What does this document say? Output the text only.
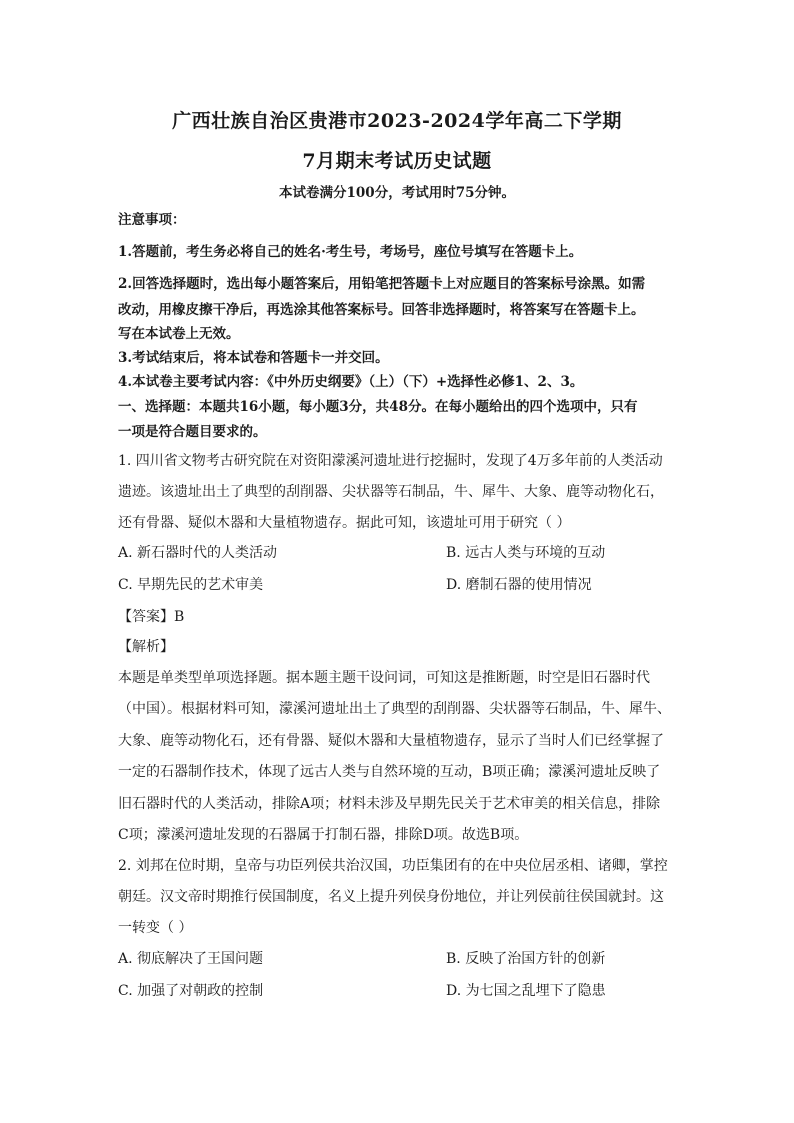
广西壮族自治区贵港市2023-2024学年高二下学期
7月期末考试历史试题
本试卷满分100分，考试用时75分钟。
注意事项：
1.答题前，考生务必将自己的姓名·考生号，考场号，座位号填写在答题卡上。
2.回答选择题时，选出每小题答案后，用铅笔把答题卡上对应题目的答案标号涂黑。如需
改动，用橡皮擦干净后，再选涂其他答案标号。回答非选择题时，将答案写在答题卡上。
写在本试卷上无效。
3.考试结束后，将本试卷和答题卡一并交回。
4.本试卷主要考试内容：《中外历史纲要》（上）（下）+选择性必修1、2、3。
一、选择题：本题共16小题，每小题3分，共48分。在每小题给出的四个选项中，只有
一项是符合题目要求的。
1. 四川省文物考古研究院在对资阳濛溪河遗址进行挖掘时，发现了4万多年前的人类活动
遗迹。该遗址出土了典型的刮削器、尖状器等石制品，牛、犀牛、大象、鹿等动物化石，
还有骨器、疑似木器和大量植物遗存。据此可知，该遗址可用于研究（ ）
A. 新石器时代的人类活动	B. 远古人类与环境的互动
C. 早期先民的艺术审美	D. 磨制石器的使用情况
【答案】B
【解析】
本题是单类型单项选择题。据本题主题干设问词，可知这是推断题，时空是旧石器时代
（中国）。根据材料可知，濛溪河遗址出土了典型的刮削器、尖状器等石制品，牛、犀牛、
大象、鹿等动物化石，还有骨器、疑似木器和大量植物遗存，显示了当时人们已经掌握了
一定的石器制作技术，体现了远古人类与自然环境的互动，B项正确；濛溪河遗址反映了
旧石器时代的人类活动，排除A项；材料未涉及早期先民关于艺术审美的相关信息，排除
C项；濛溪河遗址发现的石器属于打制石器，排除D项。故选B项。
2. 刘邦在位时期，皇帝与功臣列侯共治汉国，功臣集团有的在中央位居丞相、诸卿，掌控
朝廷。汉文帝时期推行侯国制度，名义上提升列侯身份地位，并让列侯前往侯国就封。这
一转变（ ）
A. 彻底解决了王国问题	B. 反映了治国方针的创新
C. 加强了对朝政的控制	D. 为七国之乱埋下了隐患
